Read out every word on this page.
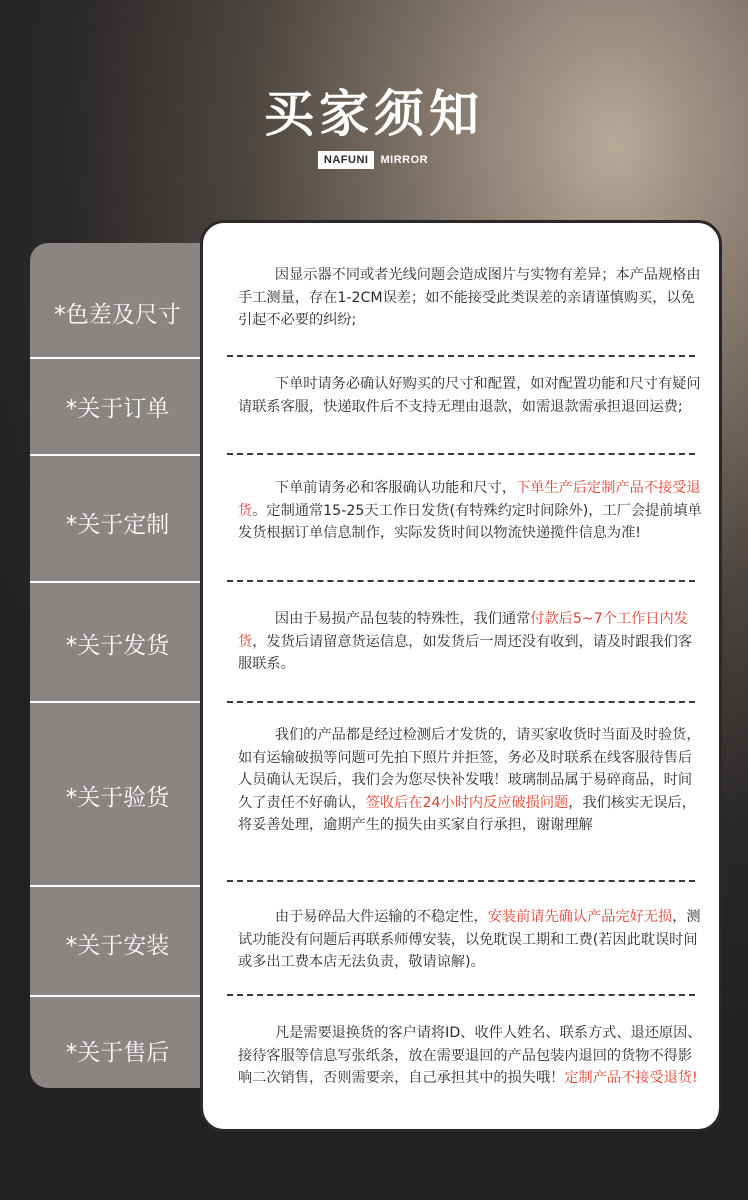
买家须知
NAFUNI	MIRROR
*色差及尺寸
*关于订单
*关于定制
*关于发货
*关于验货
*关于安装
*关于售后
因显示器不同或者光线问题会造成图片与实物有差异；本产品规格由手工测量，存在1-2CM误差；如不能接受此类误差的亲请谨慎购买，以免引起不必要的纠纷;
下单时请务必确认好购买的尺寸和配置，如对配置功能和尺寸有疑问请联系客服，快递取件后不支持无理由退款，如需退款需承担退回运费;
下单前请务必和客服确认功能和尺寸，下单生产后定制产品不接受退货。定制通常15-25天工作日发货(有特殊约定时间除外)，工厂会提前填单发货根据订单信息制作，实际发货时间以物流快递揽件信息为准!
因由于易损产品包装的特殊性，我们通常付款后5~7个工作日内发货，发货后请留意货运信息，如发货后一周还没有收到，请及时跟我们客服联系。
我们的产品都是经过检测后才发货的，请买家收货时当面及时验货，如有运输破损等问题可先拍下照片并拒签，务必及时联系在线客服待售后人员确认无误后，我们会为您尽快补发哦！玻璃制品属于易碎商品，时间久了责任不好确认，签收后在24小时内反应破损问题，我们核实无误后，将妥善处理，逾期产生的损失由买家自行承担，谢谢理解
由于易碎品大件运输的不稳定性，安装前请先确认产品完好无损，测试功能没有问题后再联系师傅安装，以免耽误工期和工费(若因此耽误时间或多出工费本店无法负责，敬请谅解)。
凡是需要退换货的客户请将ID、收件人姓名、联系方式、退还原因、接待客服等信息写张纸条，放在需要退回的产品包装内退回的货物不得影响二次销售，否则需要亲，自己承担其中的损失哦！定制产品不接受退货!
